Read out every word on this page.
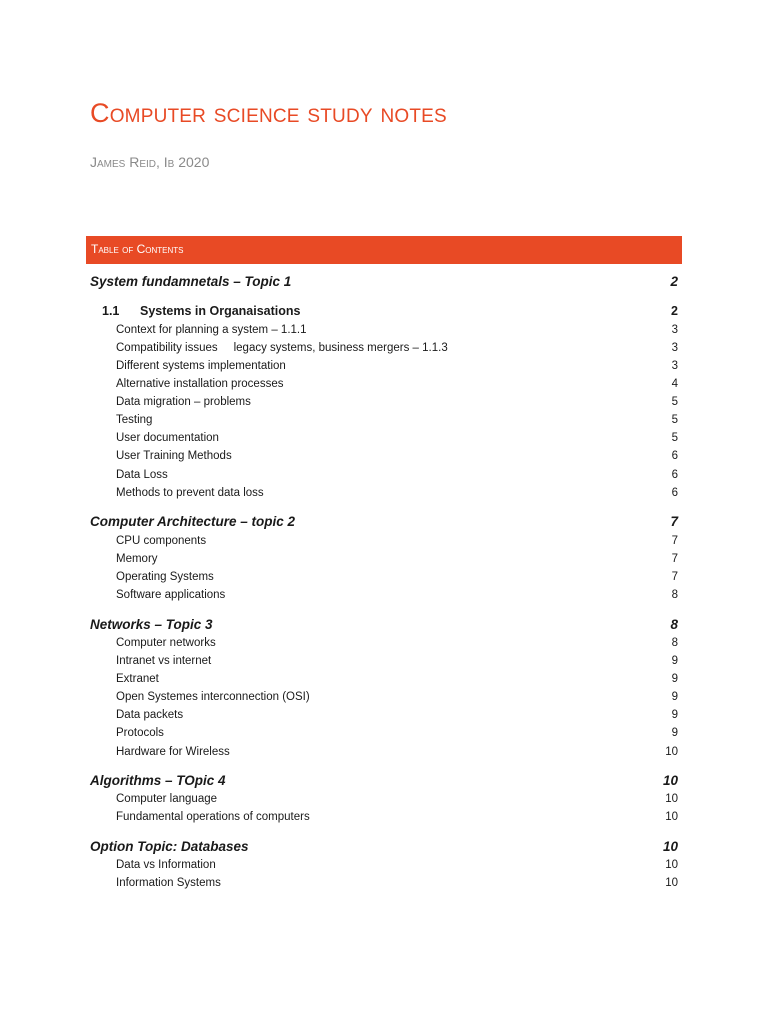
Computer science study notes
James Reid, Ib 2020
Table of Contents
System fundamnetals – Topic 1	2
1.1 Systems in Organaisations	2
Context for planning a system – 1.1.1	3
Compatibility issues     legacy systems, business mergers – 1.1.3	3
Different systems implementation	3
Alternative installation processes	4
Data migration – problems	5
Testing	5
User documentation	5
User Training Methods	6
Data Loss	6
Methods to prevent data loss	6
Computer Architecture – topic 2	7
CPU components	7
Memory	7
Operating Systems	7
Software applications	8
Networks – Topic 3	8
Computer networks	8
Intranet vs internet	9
Extranet	9
Open Systemes interconnection (OSI)	9
Data packets	9
Protocols	9
Hardware for Wireless	10
Algorithms – TOpic 4	10
Computer language	10
Fundamental operations of computers	10
Option Topic: Databases	10
Data vs Information	10
Information Systems	10
